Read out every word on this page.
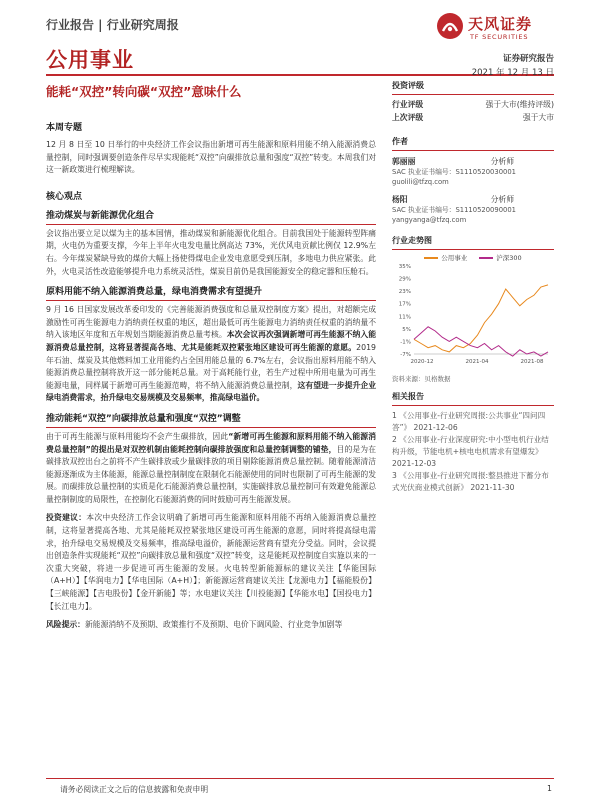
行业报告 | 行业研究周报
公用事业
天风证券
TF SECURITIES
证券研究报告
2021 年 12 月 13 日
能耗“双控”转向碳“双控”意味什么
本周专题
12 月 8 日至 10 日举行的中央经济工作会议指出新增可再生能源和原料用能不纳入能源消费总量控制，同时强调要创造条件尽早实现能耗“双控”向碳排放总量和强度“双控”转变。本周我们对这一新政策进行梳理解读。
核心观点
推动煤炭与新能源优化组合
会议指出要立足以煤为主的基本国情，推动煤炭和新能源优化组合。目前我国处于能源转型阵痛期，火电仍为重要支撑，今年上半年火电发电量比例高达 73%，光伏风电贡献比例仅 12.9%左右。今年煤炭紧缺导致的煤价大幅上扬使得煤电企业发电意愿受到压制，多地电力供应紧张。此外，火电灵活性改造能够提升电力系统灵活性，煤炭目前仍是我国能源安全的稳定器和压舱石。
原料用能不纳入能源消费总量，绿电消费需求有望提升
9 月 16 日国家发展改革委印发的《完善能源消费强度和总量双控制度方案》提出，对超额完成激励性可再生能源电力消纳责任权重的地区，超出最低可再生能源电力消纳责任权重的消纳量不纳入该地区年度和五年规划当期能源消费总量考核。本次会议再次强调新增可再生能源不纳入能源消费总量控制，这将显著提高各地、尤其是能耗双控紧张地区建设可再生能源的意愿。2019 年石油、煤炭及其他燃料加工业用能约占全国用能总量的 6.7%左右，会议指出原料用能不纳入能源消费总量控制将放开这一部分能耗总量。对于高耗能行业，若生产过程中所用电量为可再生能源电量，同样属于新增可再生能源范畴，将不纳入能源消费总量控制，这有望进一步提升企业绿电消费需求，抬升绿电交易规模及交易频率，推高绿电溢价。
推动能耗“双控”向碳排放总量和强度“双控”调整
由于可再生能源与原料用能均不会产生碳排放，因此“新增可再生能源和原料用能不纳入能源消费总量控制”的提出是对双控机制由能耗控制向碳排放强度和总量控制调整的铺垫，目的是为在碳排放双控出台之前将不产生碳排放或少量碳排放的项目剔除能源消费总量控制。随着能源清洁能源逐渐成为主体能源，能源总量控制制度在限制化石能源使用的同时也限制了可再生能源的发展。而碳排放总量控制的实质是化石能源消费总量控制，实施碳排放总量控制可有效避免能源总量控制制度的局限性，在控制化石能源消费的同时鼓励可再生能源发展。
投资建议：本次中央经济工作会议明确了新增可再生能源和原料用能不再纳入能源消费总量控制，这将显著提高各地、尤其是能耗双控紧张地区建设可再生能源的意愿，同时将提高绿电需求，抬升绿电交易规模及交易频率，推高绿电溢价，新能源运营商有望充分受益。同时，会议提出创造条件实现能耗“双控”向碳排放总量和强度“双控”转变，这是能耗双控制度自实施以来的一次重大突破，将进一步促进可再生能源的发展。火电转型新能源标的建议关注【华能国际（A+H）】【华润电力】【华电国际（A+H）】；新能源运营商建议关注【龙源电力】【福能股份】【三峡能源】【吉电股份】【金开新能】等；水电建议关注【川投能源】【华能水电】【国投电力】【长江电力】。
风险提示：新能源消纳不及预期、政策推行不及预期、电价下调风险、行业竞争加剧等
投资评级
行业评级	强于大市(维持评级)
上次评级	强于大市
作者
郭丽丽	分析师
SAC 执业证书编号：S1110520030001
guolili@tfzq.com
杨阳	分析师
SAC 执业证书编号：S1110520090001
yangyanga@tfzq.com
行业走势图
公用事业	沪深300
35%
29%
23%
17%
11%
5%
-1%
-7%
2020-12	2021-04	2021-08
资料来源：贝格数据
相关报告
1 《公用事业-行业研究周报:公共事业“四问四答”》 2021-12-06
2 《公用事业-行业深度研究:中小型电机行业结构升级，节能电机+核电电机需求有望爆发》 2021-12-03
3 《公用事业-行业研究周报:整县推进下蓄分布式光伏商业模式创新》 2021-11-30
请务必阅读正文之后的信息披露和免责申明	1
